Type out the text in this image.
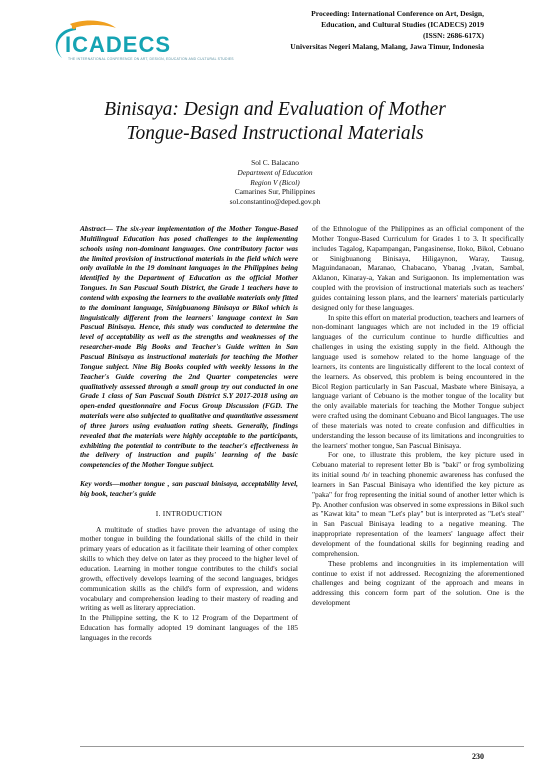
ICADECS
THE INTERNATIONAL CONFERENCE ON ART, DESIGN, EDUCATION AND CULTURAL STUDIES
Proceeding: International Conference on Art, Design,
Education, and Cultural Studies (ICADECS) 2019
(ISSN: 2686-617X)
Universitas Negeri Malang, Malang, Jawa Timur, Indonesia
Binisaya: Design and Evaluation of Mother
Tongue-Based Instructional Materials
Sol C. Balacano
Department of Education
Region V (Bicol)
Camarines Sur, Philippines
sol.constantino@deped.gov.ph
Abstract— The six-year implementation of the Mother Tongue-Based Multilingual Education has posed challenges to the implementing schools using non-dominant languages. One contributory factor was the limited provision of instructional materials in the field which were only available in the 19 dominant languages in the Philippines being identified by the Department of Education as the official Mother Tongues. In San Pascual South District, the Grade 1 teachers have to contend with exposing the learners to the available materials only fitted to the dominant language, Sinigbuanong Binisaya or Bikol which is linguistically different from the learners' language context in San Pascual Binisaya. Hence, this study was conducted to determine the level of acceptability as well as the strengths and weaknesses of the researcher-made Big Books and Teacher's Guide written in San Pascual Binisaya as instructional materials for teaching the Mother Tongue subject. Nine Big Books coupled with weekly lessons in the Teacher's Guide covering the 2nd Quarter competencies were qualitatively assessed through a small group try out conducted in one Grade 1 class of San Pascual South District S.Y 2017-2018 using an open-ended questionnaire and Focus Group Discussion (FGD. The materials were also subjected to qualitative and quantitative assessment of three jurors using evaluation rating sheets. Generally, findings revealed that the materials were highly acceptable to the participants, exhibiting the potential to contribute to the teacher's effectiveness in the delivery of instruction and pupils' learning of the basic competencies of the Mother Tongue subject.
Key words—mother tongue , san pascual binisaya, acceptability level, big book, teacher's guide
I. INTRODUCTION

A multitude of studies have proven the advantage of using the mother tongue in building the foundational skills of the child in their primary years of education as it facilitate their learning of other complex skills to which they delve on later as they proceed to the higher level of education. Learning in mother tongue contributes to the child's social growth, effectively develops learning of the second languages, bridges communication skills as the child's form of expression, and widens vocabulary and comprehension leading to their mastery of reading and writing as well as literary appreciation.

In the Philippine setting, the K to 12 Program of the Department of Education has formally adopted 19 dominant languages of the 185 languages in the records

of the Ethnologue of the Philippines as an official component of the Mother Tongue-Based Curriculum for Grades 1 to 3. It specifically includes Tagalog, Kapampangan, Pangasinense, Iloko, Bikol, Cebuano or Sinigbuanong Binisaya, Hiligaynon, Waray, Tausug, Maguindanaoan, Maranao, Chabacano, Ybanag ,Ivatan, Sambal, Aklanon, Kinaray-a, Yakan and Surigaonon. Its implementation was coupled with the provision of instructional materials such as teachers' guides containing lesson plans, and the learners' materials particularly designed only for these languages.

In spite this effort on material production, teachers and learners of non-dominant languages which are not included in the 19 official languages of the curriculum continue to hurdle difficulties and challenges in using the existing supply in the field. Although the language used is somehow related to the home language of the learners, its contents are linguistically different to the local context of the learners. As observed, this problem is being encountered in the Bicol Region particularly in San Pascual, Masbate where Binisaya, a language variant of Cebuano is the mother tongue of the locality but the only available materials for teaching the Mother Tongue subject were crafted using the dominant Cebuano and Bicol languages. The use of these materials was noted to create confusion and difficulties in understanding the lesson because of its limitations and incongruities to the learners' mother tongue, San Pascual Binisaya.

For one, to illustrate this problem, the key picture used in Cebuano material to represent letter Bb is "baki" or frog symbolizing its initial sound /b/ in teaching phonemic awareness has confused the learners in San Pascual Binisaya who identified the key picture as "paka" for frog representing the initial sound of another letter which is Pp. Another confusion was observed in some expressions in Bikol such as "Kawat kita" to mean "Let's play" but is interpreted as "Let's steal" in San Pascual Binisaya leading to a negative meaning. The inappropriate representation of the learners' language affect their development of the foundational skills for beginning reading and comprehension.

These problems and incongruities in its implementation will continue to exist if not addressed. Recognizing the aforementioned challenges and being cognizant of the approach and means in addressing this concern form part of the solution. One is the development

230
